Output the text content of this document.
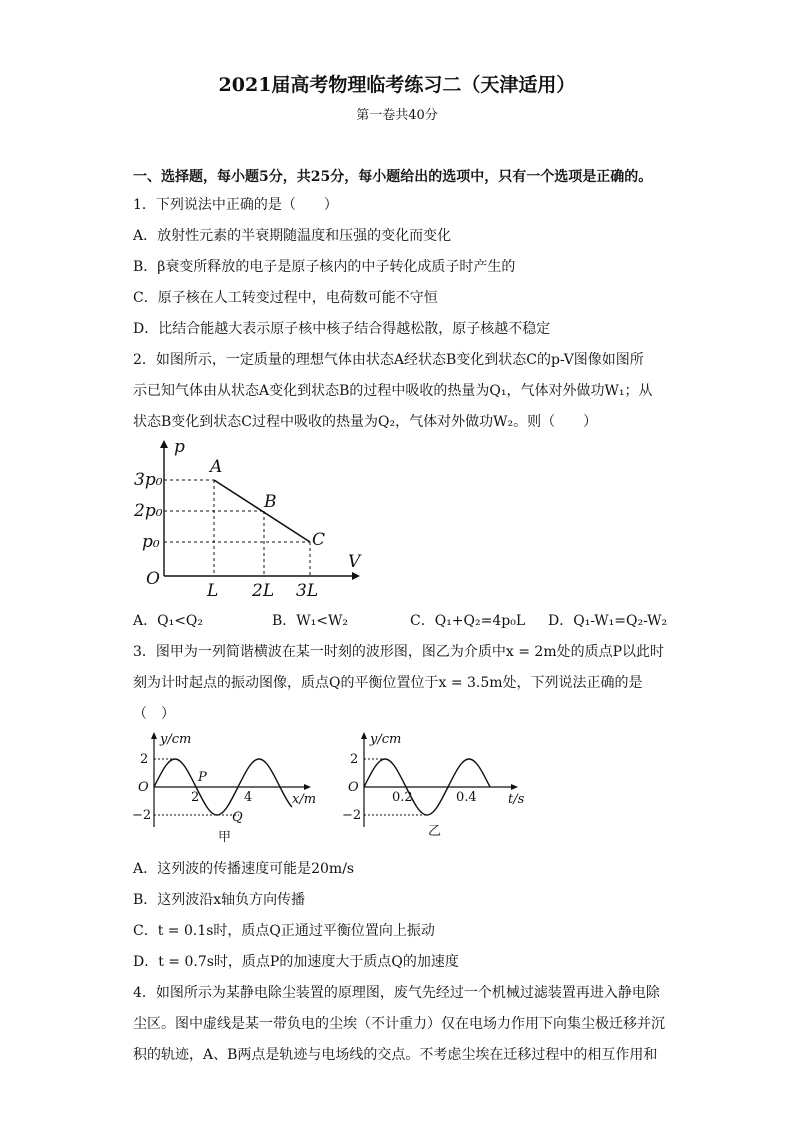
2021届高考物理临考练习二（天津适用）
第一卷共40分
一、选择题，每小题5分，共25分，每小题给出的选项中，只有一个选项是正确的。
1．下列说法中正确的是（　　）
A．放射性元素的半衰期随温度和压强的变化而变化
B．β衰变所释放的电子是原子核内的中子转化成质子时产生的
C．原子核在人工转变过程中，电荷数可能不守恒
D．比结合能越大表示原子核中核子结合得越松散，原子核越不稳定
2．如图所示，一定质量的理想气体由状态A经状态B变化到状态C的p-V图像如图所
示已知气体由从状态A变化到状态B的过程中吸收的热量为Q₁，气体对外做功W₁；从
状态B变化到状态C过程中吸收的热量为Q₂，气体对外做功W₂。则（　　）
p
V
O
3p₀
2p₀
p₀
L 2L 3L
A
B
C
A．Q₁<Q₂	B．W₁<W₂	C．Q₁+Q₂=4p₀L D．Q₁-W₁=Q₂-W₂
3．图甲为一列简谐横波在某一时刻的波形图，图乙为介质中x = 2m处的质点P以此时
刻为计时起点的振动图像，质点Q的平衡位置位于x = 3.5m处，下列说法正确的是
（　）
y/cm
x/m
O
2
−2
2	4
P
Q
甲
y/cm
t/s
O
2
−2
0.2	0.4
乙
A．这列波的传播速度可能是20m/s
B．这列波沿x轴负方向传播
C．t = 0.1s时，质点Q正通过平衡位置向上振动
D．t = 0.7s时，质点P的加速度大于质点Q的加速度
4．如图所示为某静电除尘装置的原理图，废气先经过一个机械过滤装置再进入静电除
尘区。图中虚线是某一带负电的尘埃（不计重力）仅在电场力作用下向集尘极迁移并沉
积的轨迹，A、B两点是轨迹与电场线的交点。不考虑尘埃在迁移过程中的相互作用和
